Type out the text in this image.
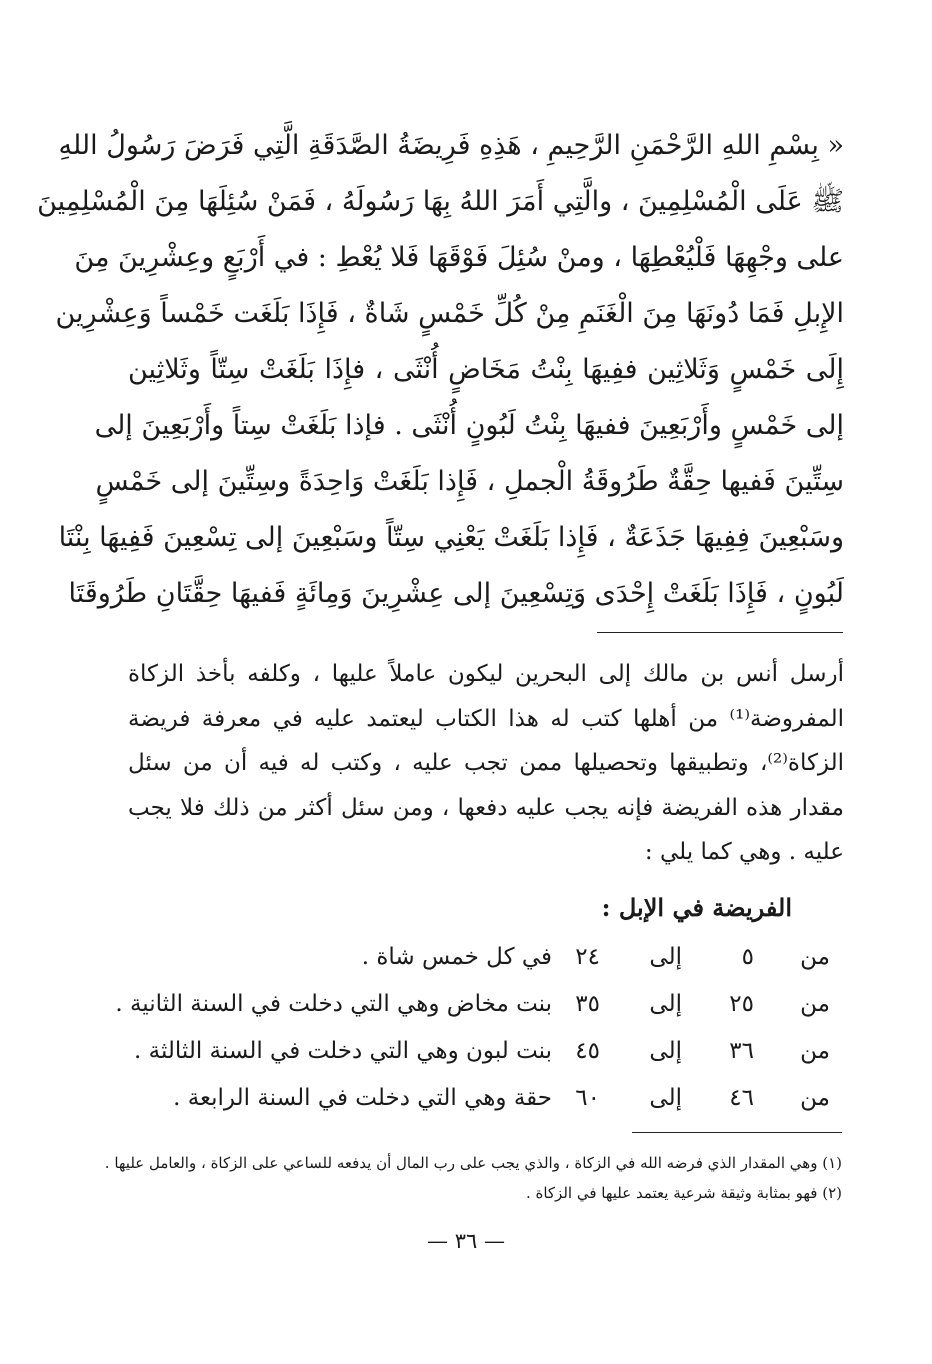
« بِسْمِ اللهِ الرَّحْمَنِ الرَّحِيمِ ، هَذِهِ فَرِيضَةُ الصَّدَقَةِ الَّتِي فَرَضَ رَسُولُ اللهِ
ﷺ عَلَى الْمُسْلِمِينَ ، والَّتِي أَمَرَ اللهُ بِهَا رَسُولَهُ ، فَمَنْ سُئِلَهَا مِنَ الْمُسْلِمِينَ
على وجْهِهَا فَلْيُعْطِهَا ، ومنْ سُئِلَ فَوْقَهَا فَلا يُعْطِ : في أَرْبَعٍ وعِشْرِينَ مِنَ
الإِبلِ فَمَا دُونَهَا مِنَ الْغَنَمِ مِنْ كُلِّ خَمْسٍ شَاةٌ ، فَإِذَا بَلَغَت خَمْساً وَعِشْرِين
إِلَى خَمْسٍ وَثَلاثِين ففِيهَا بِنْتُ مَخَاضٍ أُنْثَى ، فإِذَا بَلَغَتْ سِتّاً وثَلاثِين
إلى خَمْسٍ وأَرْبَعِينَ ففيهَا بِنْتُ لَبُونٍ أُنْثَى . فإذا بَلَغَتْ سِتاً وأَرْبَعِينَ إلى
سِتِّينَ فَفيها حِقَّةٌ طَرُوقَةُ الْجملِ ، فَإِذا بَلَغَتْ وَاحِدَةً وسِتِّينَ إلى خَمْسٍ
وسَبْعِينَ فِفِيهَا جَذَعَةٌ ، فَإِذا بَلَغَتْ يَعْنِي سِتّاً وسَبْعِينَ إلى تِسْعِينَ فَفِيهَا بِنْتَا
لَبُونٍ ، فَإِذَا بَلَغَتْ إِحْدَى وَتِسْعِينَ إلى عِشْرِينَ وَمِائَةٍ فَفيهَا حِقَّتَانِ طَرُوقَتَا
أرسل أنس بن مالك إلى البحرين ليكون عاملاً عليها ، وكلفه بأخذ الزكاة
المفروضة⁽¹⁾ من أهلها كتب له هذا الكتاب ليعتمد عليه في معرفة فريضة
الزكاة⁽²⁾، وتطبيقها وتحصيلها ممن تجب عليه ، وكتب له فيه أن من سئل
مقدار هذه الفريضة فإنه يجب عليه دفعها ، ومن سئل أكثر من ذلك فلا يجب
عليه . وهي كما يلي :
الفريضة في الإبل :
من
٥
إلى
٢٤
في كل خمس شاة .
من
٢٥
إلى
٣٥
بنت مخاض وهي التي دخلت في السنة الثانية .
من
٣٦
إلى
٤٥
بنت لبون وهي التي دخلت في السنة الثالثة .
من
٤٦
إلى
٦٠
حقة وهي التي دخلت في السنة الرابعة .
(١) وهي المقدار الذي فرضه الله في الزكاة ، والذي يجب على رب المال أن يدفعه للساعي على الزكاة ، والعامل عليها .
(٢) فهو بمثابة وثيقة شرعية يعتمد عليها في الزكاة .
— ٣٦ —
